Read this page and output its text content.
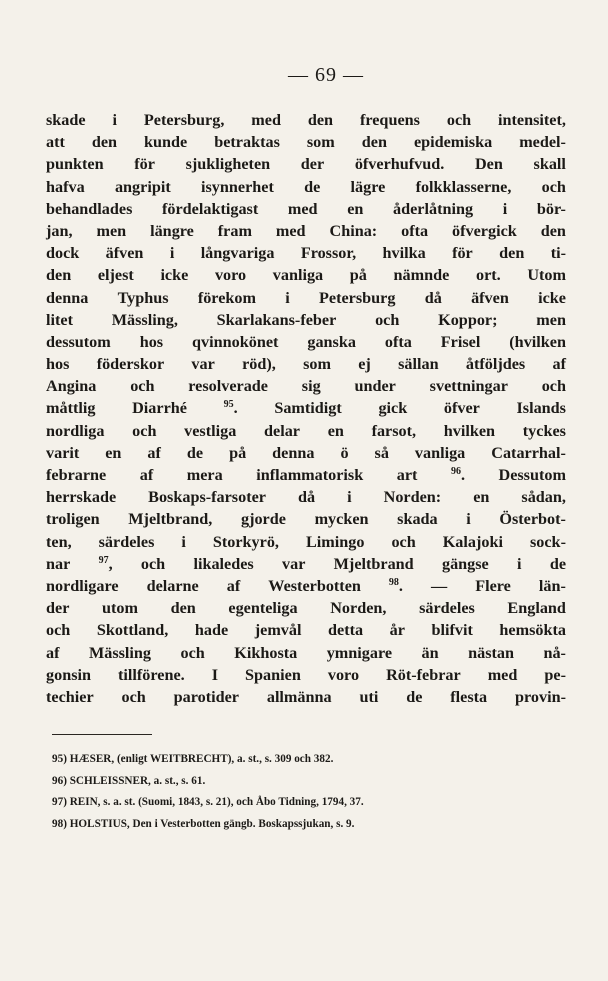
— 69 —
skade i Petersburg, med den frequens och intensitet,
att den kunde betraktas som den epidemiska medel-
punkten för sjukligheten der öfverhufvud. Den skall
hafva angripit isynnerhet de lägre folkklasserne, och
behandlades fördelaktigast med en åderlåtning i bör-
jan, men längre fram med China: ofta öfvergick den
dock äfven i långvariga Frossor, hvilka för den ti-
den eljest icke voro vanliga på nämnde ort. Utom
denna Typhus förekom i Petersburg då äfven icke
litet Mässling, Skarlakans-feber och Koppor; men
dessutom hos qvinnokönet ganska ofta Frisel (hvilken
hos föderskor var röd), som ej sällan åtföljdes af
Angina och resolverade sig under svettningar och
måttlig Diarrhé	$^{95}$. Samtidigt gick öfver Islands
nordliga och vestliga delar en farsot, hvilken tyckes
varit en af de på denna ö så vanliga Catarrhal-
febrarne af mera inflammatorisk art	$^{96}$. Dessutom
herrskade Boskaps-farsoter då i Norden: en sådan,
troligen Mjeltbrand, gjorde mycken skada i Österbot-
ten, särdeles i Storkyrö, Limingo och Kalajoki sock-
nar	$^{97}$, och likaledes var Mjeltbrand gängse i de
nordligare delarne af Westerbotten	$^{98}$. — Flere län-
der utom den egenteliga Norden, särdeles England
och Skottland, hade jemvål detta år blifvit hemsökta
af Mässling och Kikhosta ymnigare än nästan nå-
gonsin tillförene. I Spanien voro Röt-febrar med pe-
techier och parotider allmänna uti de flesta provin-
95) HÆSER, (enligt WEITBRECHT), a. st., s. 309 och 382.
96) SCHLEISSNER, a. st., s. 61.
97) REIN, s. a. st. (Suomi, 1843, s. 21), och Åbo Tidning, 1794, 37.
98) HOLSTIUS, Den i Vesterbotten gängb. Boskapssjukan, s. 9.
